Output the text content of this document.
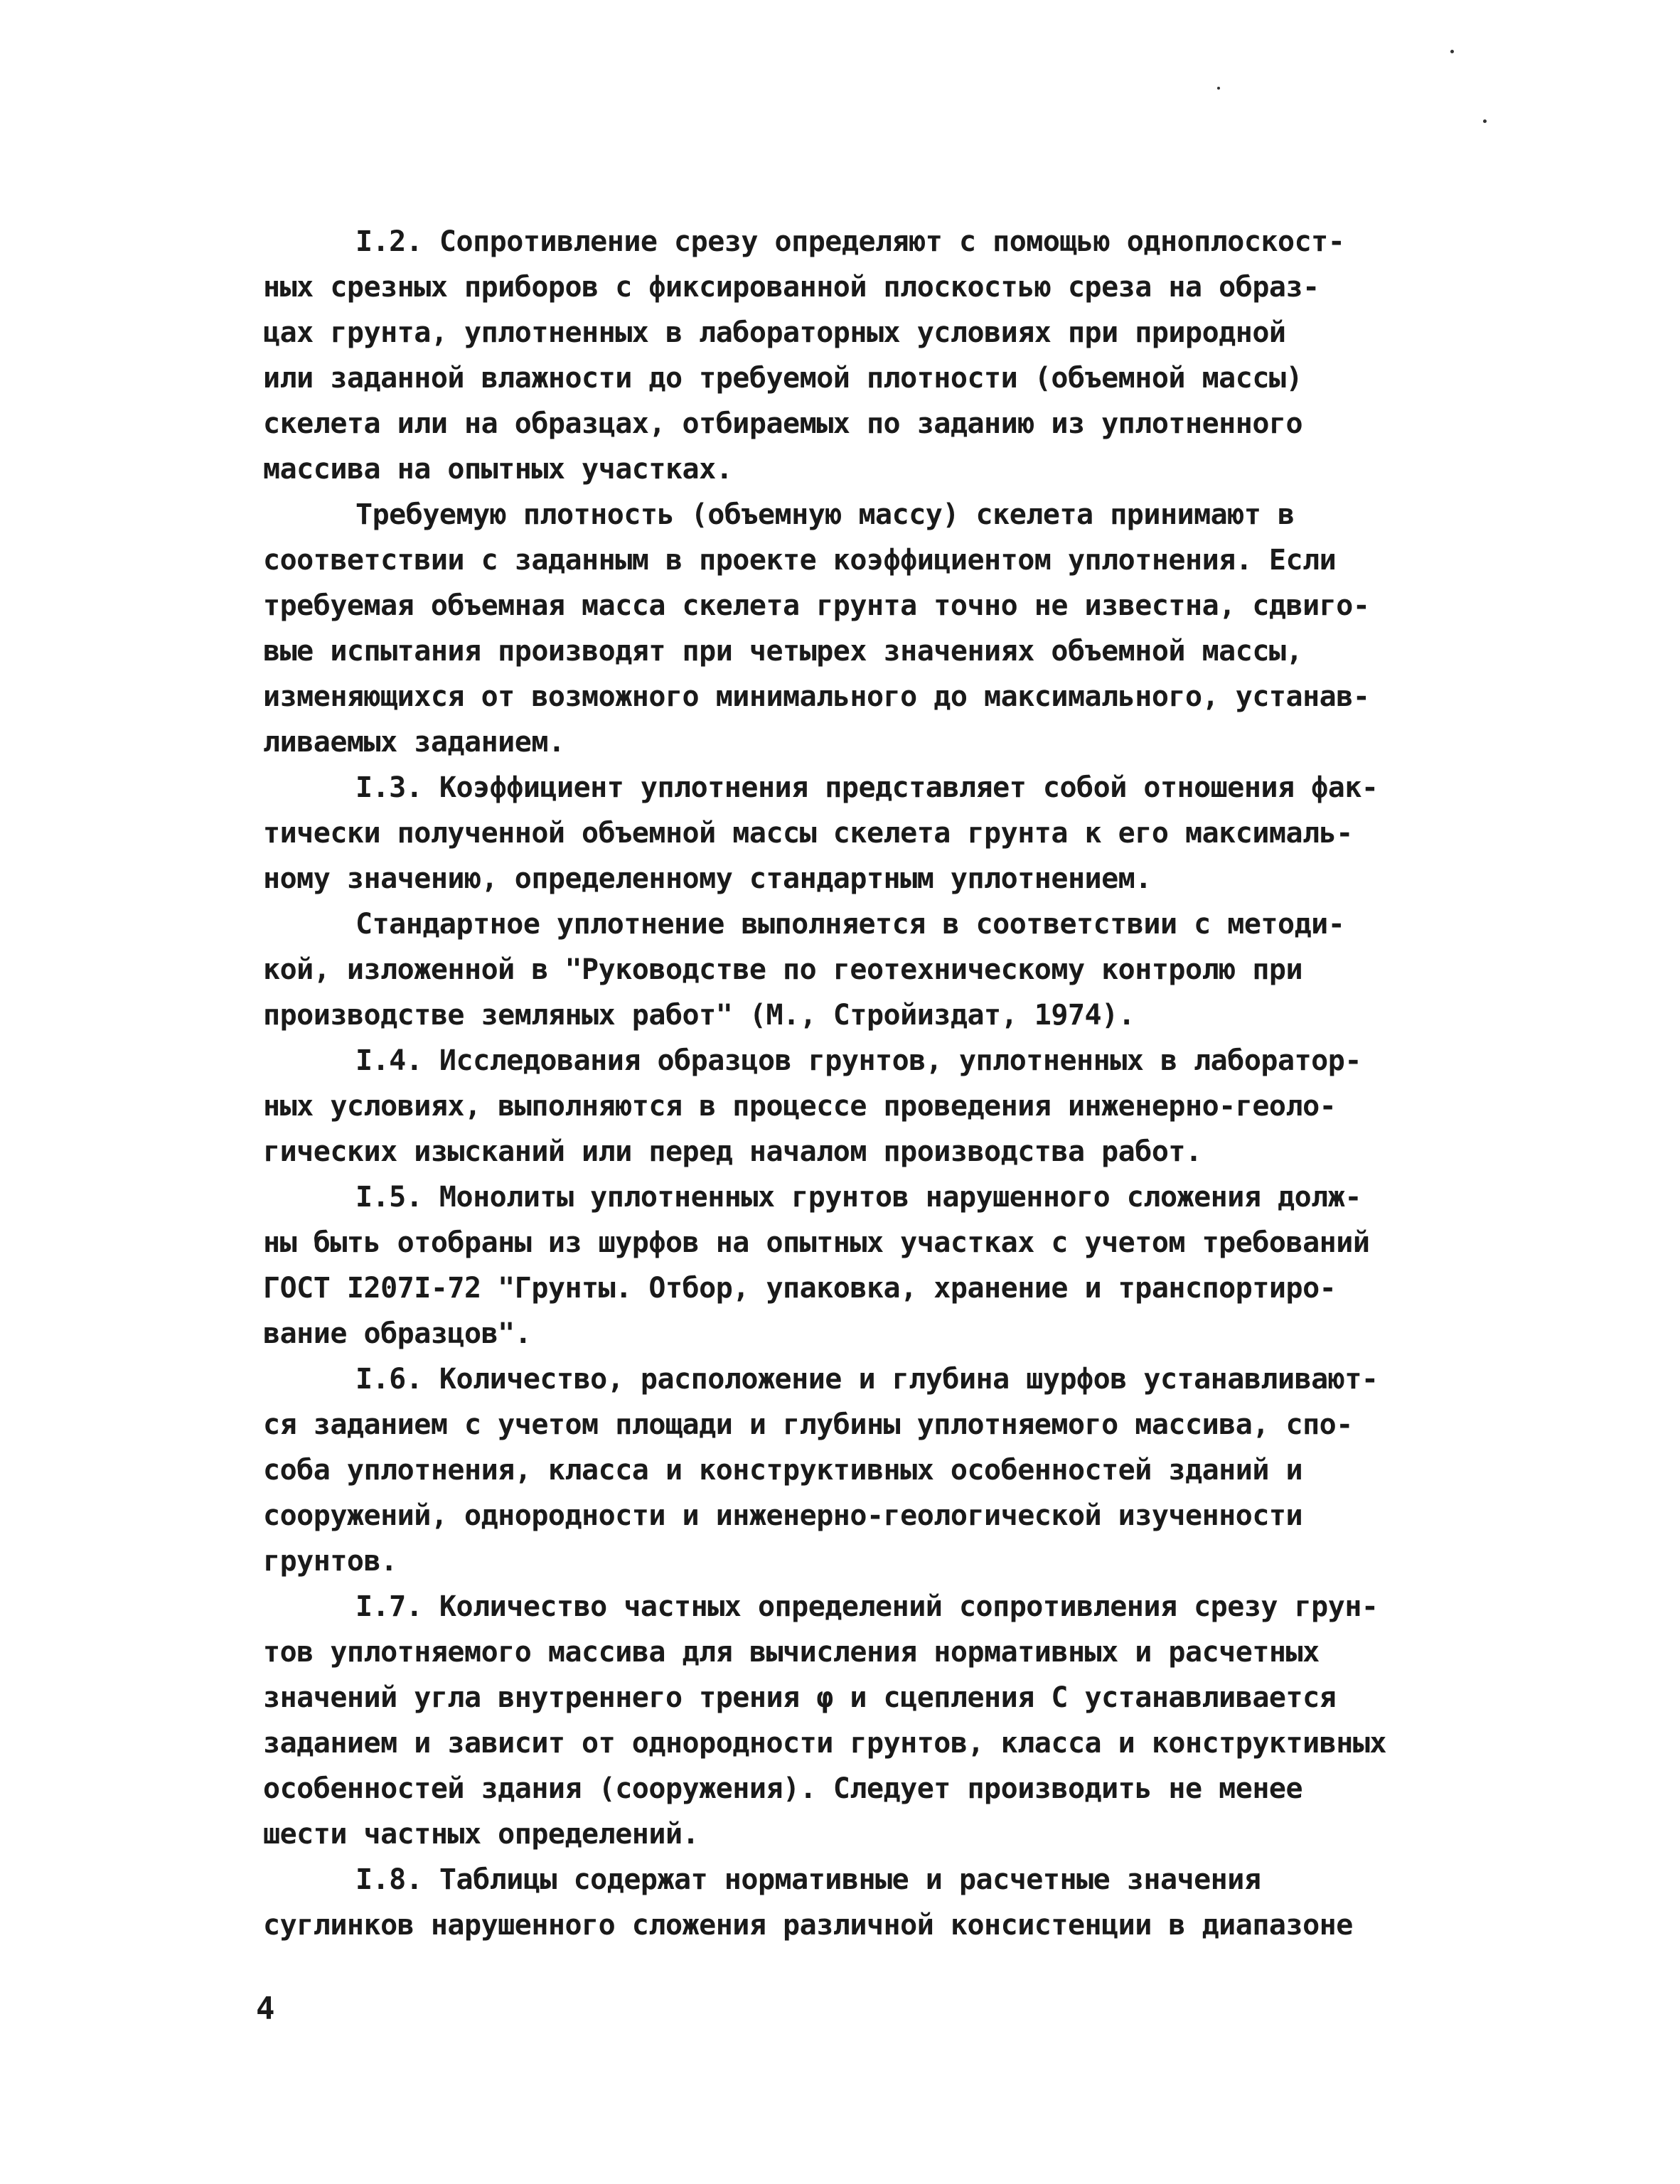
I.2. Сопротивление срезу определяют с помощью одноплоскост-
ных срезных приборов с фиксированной плоскостью среза на образ-
цах грунта, уплотненных в лабораторных условиях при природной
или заданной влажности до требуемой плотности (объемной массы)
скелета или на образцах, отбираемых по заданию из уплотненного
массива на опытных участках.

Требуемую плотность (объемную массу) скелета принимают в
соответствии с заданным в проекте коэффициентом уплотнения. Если
требуемая объемная масса скелета грунта точно не известна, сдвиго-
вые испытания производят при четырех значениях объемной массы,
изменяющихся от возможного минимального до максимального, устанав-
ливаемых заданием.

I.3. Коэффициент уплотнения представляет собой отношения фак-
тически полученной объемной массы скелета грунта к его максималь-
ному значению, определенному стандартным уплотнением.

Стандартное уплотнение выполняется в соответствии с методи-
кой, изложенной в "Руководстве по геотехническому контролю при
производстве земляных работ" (М., Стройиздат, 1974).

I.4. Исследования образцов грунтов, уплотненных в лаборатор-
ных условиях, выполняются в процессе проведения инженерно-геоло-
гических изысканий или перед началом производства работ.

I.5. Монолиты уплотненных грунтов нарушенного сложения долж-
ны быть отобраны из шурфов на опытных участках с учетом требований
ГОСТ I207I-72 "Грунты. Отбор, упаковка, хранение и транспортиро-
вание образцов".

I.6. Количество, расположение и глубина шурфов устанавливают-
ся заданием с учетом площади и глубины уплотняемого массива, спо-
соба уплотнения, класса и конструктивных особенностей зданий и
сооружений, однородности и инженерно-геологической изученности
грунтов.

I.7. Количество частных определений сопротивления срезу грун-
тов уплотняемого массива для вычисления нормативных и расчетных
значений угла внутреннего трения φ и сцепления C устанавливается
заданием и зависит от однородности грунтов, класса и конструктивных
особенностей здания (сооружения). Следует производить не менее
шести частных определений.

I.8. Таблицы содержат нормативные и расчетные значения
суглинков нарушенного сложения различной консистенции в диапазоне

4
